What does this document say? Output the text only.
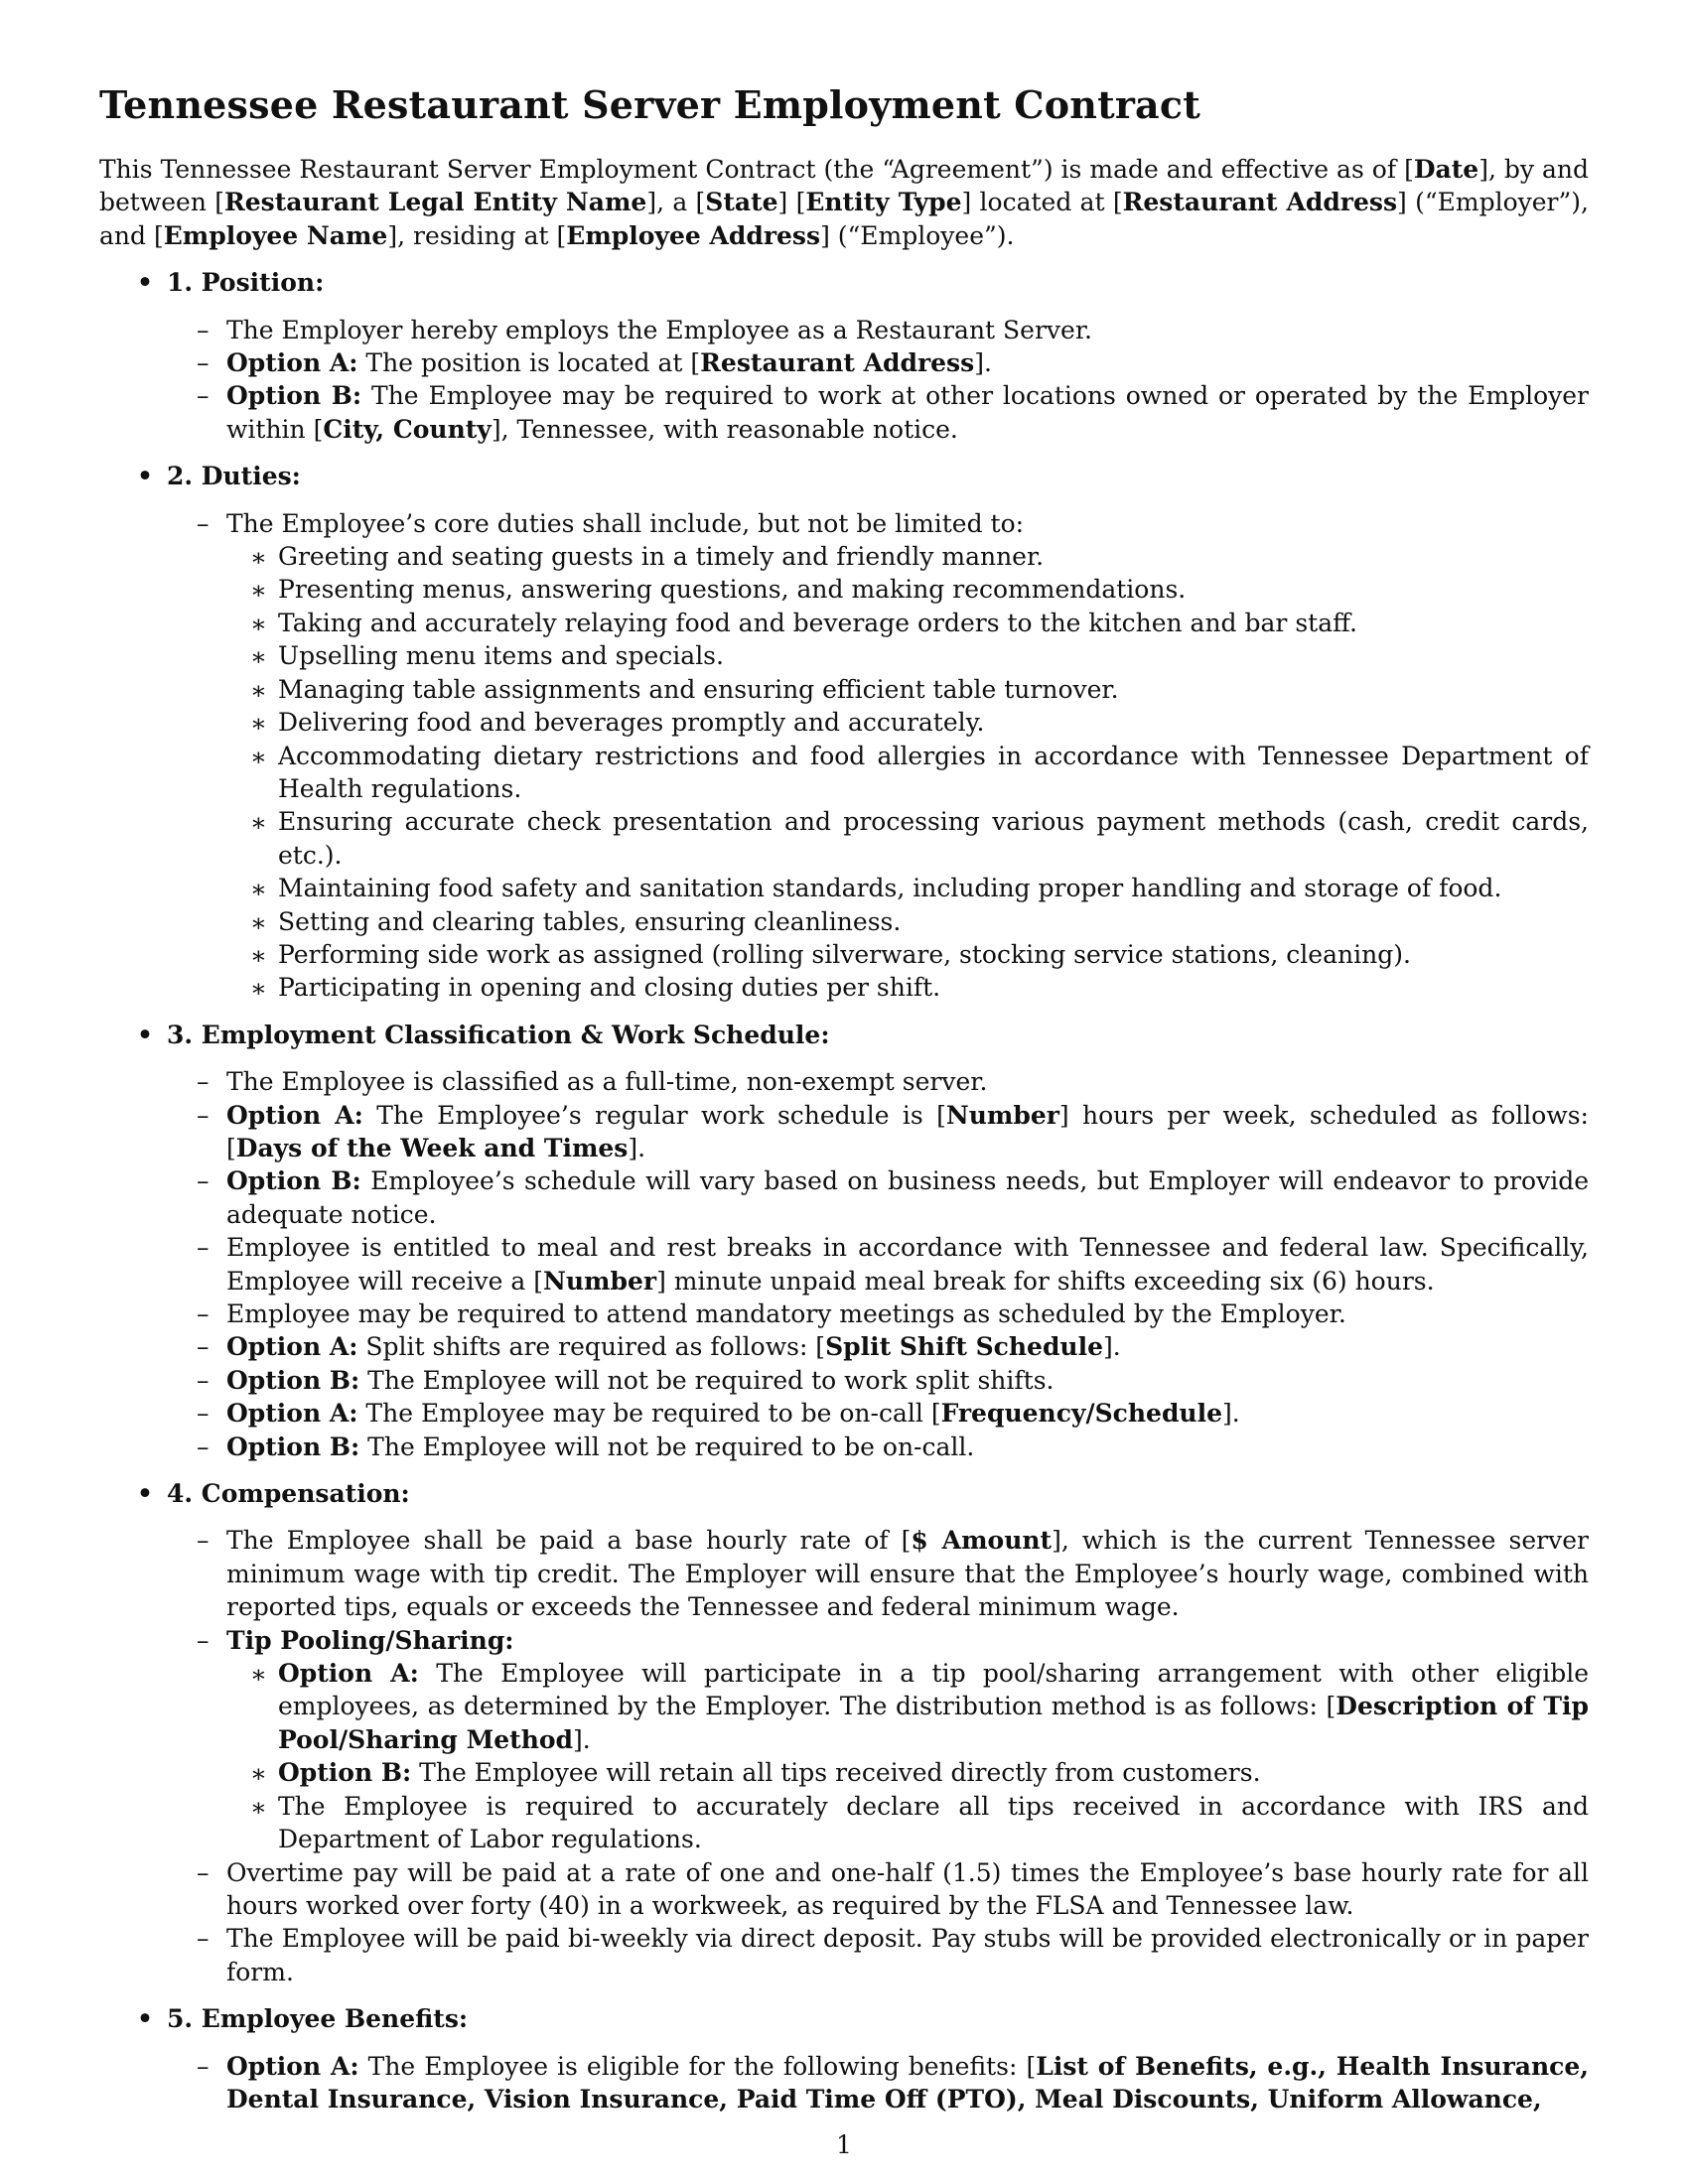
Tennessee Restaurant Server Employment Contract

This Tennessee Restaurant Server Employment Contract (the “Agreement”) is made and effective as of [Date], by and between [Restaurant Legal Entity Name], a [State] [Entity Type] located at [Restaurant Address] (“Employer”), and [Employee Name], residing at [Employee Address] (“Employee”).

• 1. Position:
– The Employer hereby employs the Employee as a Restaurant Server.
– Option A: The position is located at [Restaurant Address].
– Option B: The Employee may be required to work at other locations owned or operated by the Employer within [City, County], Tennessee, with reasonable notice.
• 2. Duties:
– The Employee’s core duties shall include, but not be limited to:
∗ Greeting and seating guests in a timely and friendly manner.
∗ Presenting menus, answering questions, and making recommendations.
∗ Taking and accurately relaying food and beverage orders to the kitchen and bar staff.
∗ Upselling menu items and specials.
∗ Managing table assignments and ensuring efficient table turnover.
∗ Delivering food and beverages promptly and accurately.
∗ Accommodating dietary restrictions and food allergies in accordance with Tennessee Department of Health regulations.
∗ Ensuring accurate check presentation and processing various payment methods (cash, credit cards, etc.).
∗ Maintaining food safety and sanitation standards, including proper handling and storage of food.
∗ Setting and clearing tables, ensuring cleanliness.
∗ Performing side work as assigned (rolling silverware, stocking service stations, cleaning).
∗ Participating in opening and closing duties per shift.
• 3. Employment Classification & Work Schedule:
– The Employee is classified as a full-time, non-exempt server.
– Option A: The Employee’s regular work schedule is [Number] hours per week, scheduled as follows: [Days of the Week and Times].
– Option B: Employee’s schedule will vary based on business needs, but Employer will endeavor to provide adequate notice.
– Employee is entitled to meal and rest breaks in accordance with Tennessee and federal law. Specifically, Employee will receive a [Number] minute unpaid meal break for shifts exceeding six (6) hours.
– Employee may be required to attend mandatory meetings as scheduled by the Employer.
– Option A: Split shifts are required as follows: [Split Shift Schedule].
– Option B: The Employee will not be required to work split shifts.
– Option A: The Employee may be required to be on-call [Frequency/Schedule].
– Option B: The Employee will not be required to be on-call.
• 4. Compensation:
– The Employee shall be paid a base hourly rate of [$ Amount], which is the current Tennessee server minimum wage with tip credit. The Employer will ensure that the Employee’s hourly wage, combined with reported tips, equals or exceeds the Tennessee and federal minimum wage.
– Tip Pooling/Sharing:
∗ Option A: The Employee will participate in a tip pool/sharing arrangement with other eligible employees, as determined by the Employer. The distribution method is as follows: [Description of Tip Pool/Sharing Method].
∗ Option B: The Employee will retain all tips received directly from customers.
∗ The Employee is required to accurately declare all tips received in accordance with IRS and Department of Labor regulations.
– Overtime pay will be paid at a rate of one and one-half (1.5) times the Employee’s base hourly rate for all hours worked over forty (40) in a workweek, as required by the FLSA and Tennessee law.
– The Employee will be paid bi-weekly via direct deposit. Pay stubs will be provided electronically or in paper form.
• 5. Employee Benefits:
– Option A: The Employee is eligible for the following benefits: [List of Benefits, e.g., Health Insurance, Dental Insurance, Vision Insurance, Paid Time Off (PTO), Meal Discounts, Uniform Allowance,
1
